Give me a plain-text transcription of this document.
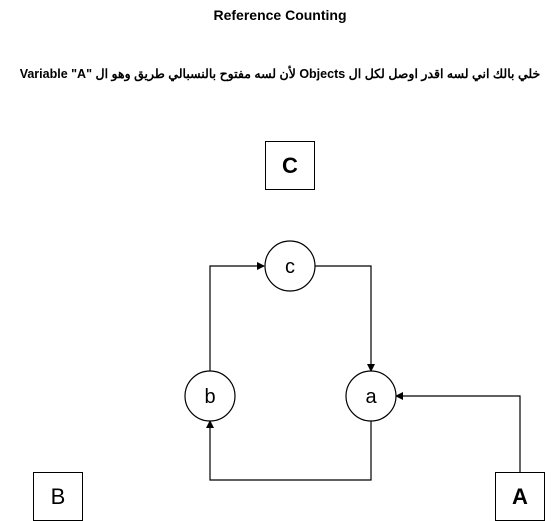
Reference Counting
Variable "A" خلي بالك اني لسه اقدر اوصل لكل ال Objects لأن لسه مفتوح بالنسبالي طريق وهو ال
C
c
b	a
B	A
